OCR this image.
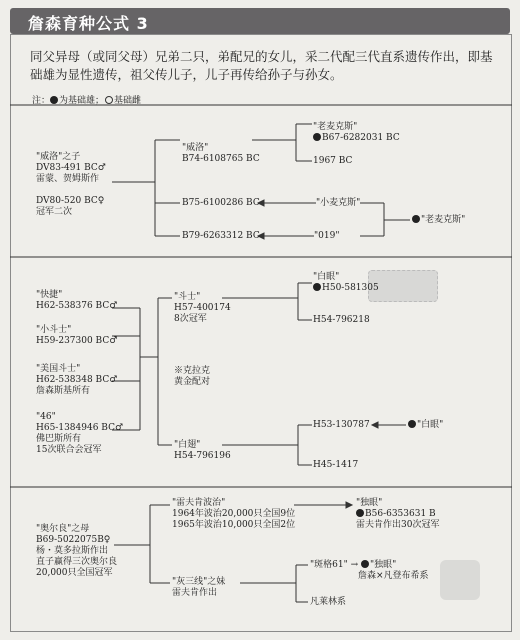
詹森育种公式 3

同父异母（或同父母）兄弟二只，弟配兄的女儿，采二代配三代直系遗传作出，即基础雄为显性遗传，祖父传儿子，儿子再传给孙子与孙女。

注： 为基础雄； 基础雌
"威洛"之子
DV83-491 BC♂
雷蒙、贺姆斯作
DV80-520 BC♀
冠军二次
"威洛"
B74-6108765 BC
B75-6100286 BC
B79-6263312 BC
"老麦克斯"
B67-6282031 BC
1967 BC
"小麦克斯"
"019"
"老麦克斯"
"快捷"
H62-538376 BC♂
"小斗士"
H59-237300 BC♂
"美国斗士"
H62-538348 BC♂
詹森斯基所有
"46"
H65-1384946 BC♂
佛巴斯所有
15次联合会冠军
"斗士"
H57-400174
8次冠军
※克拉克
黄金配对
"白翅"
H54-796196
"白眼"
H50-581305
H54-796218
H53-130787
H45-1417
"白眼"
"奥尔良"之母
B69-5022075B♀
杨・莫多拉斯作出
直子赢得三次奥尔良
20,000只全国冠军
"雷夫肯波治"
1964年波治20,000只全国9位
1965年波治10,000只全国2位
"灰三线"之妹
雷夫肯作出
"独眼"
B56-6353631 B
雷夫肯作出30次冠军
"斑格61" → "独眼"
詹森×凡登布希系
凡莱林系
